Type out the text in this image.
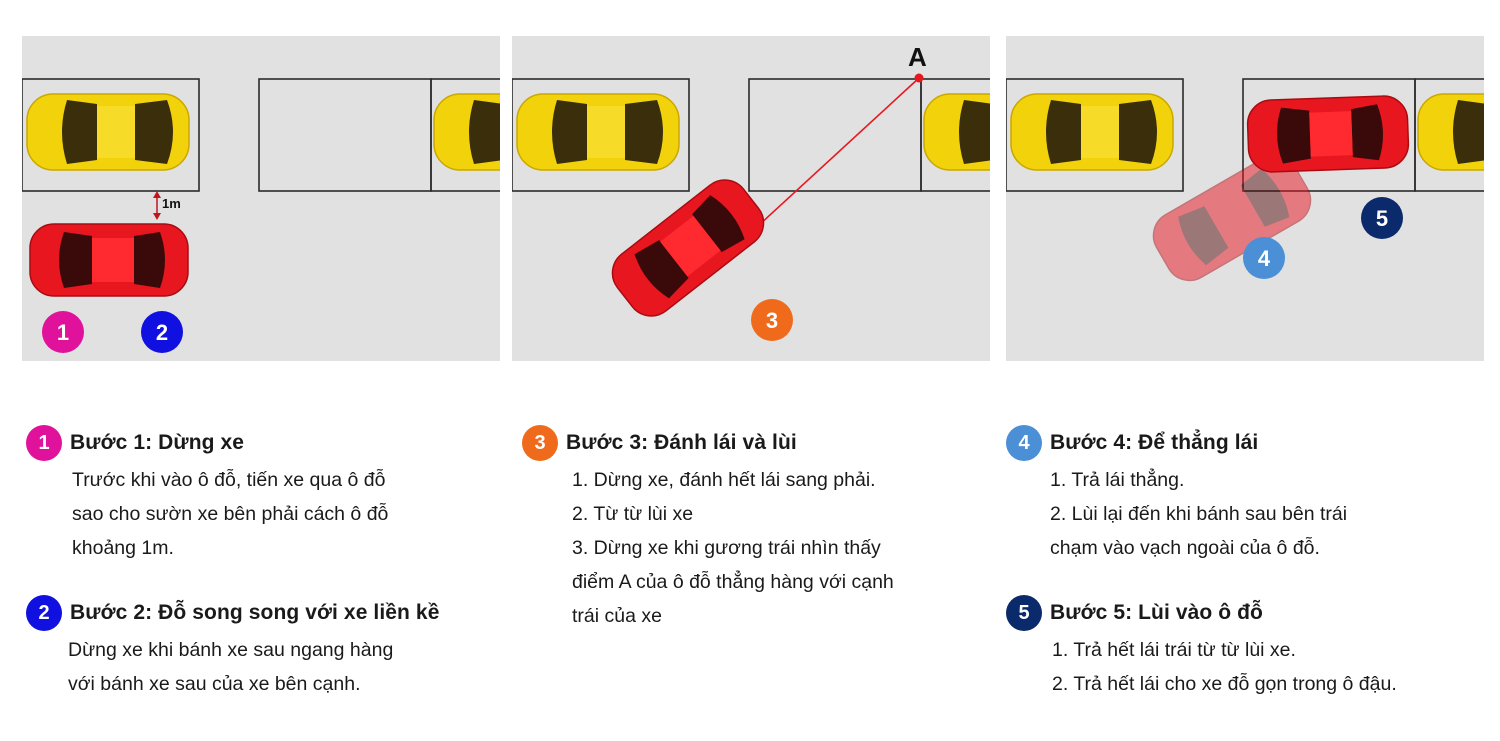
1m
1	2
A
3
4
5
1 Bước 1: Dừng xe
Trước khi vào ô đỗ, tiến xe qua ô đỗ
sao cho sườn xe bên phải cách ô đỗ
khoảng 1m.
2 Bước 2: Đỗ song song với xe liền kề
Dừng xe khi bánh xe sau ngang hàng
với bánh xe sau của xe bên cạnh.
3 Bước 3: Đánh lái và lùi
1. Dừng xe, đánh hết lái sang phải.
2. Từ từ lùi xe
3. Dừng xe khi gương trái nhìn thấy
điểm A của ô đỗ thẳng hàng với cạnh
trái của xe
4 Bước 4: Để thẳng lái
1. Trả lái thẳng.
2. Lùi lại đến khi bánh sau bên trái
chạm vào vạch ngoài của ô đỗ.
5 Bước 5: Lùi vào ô đỗ
1. Trả hết lái trái từ từ lùi xe.
2. Trả hết lái cho xe đỗ gọn trong ô đậu.
